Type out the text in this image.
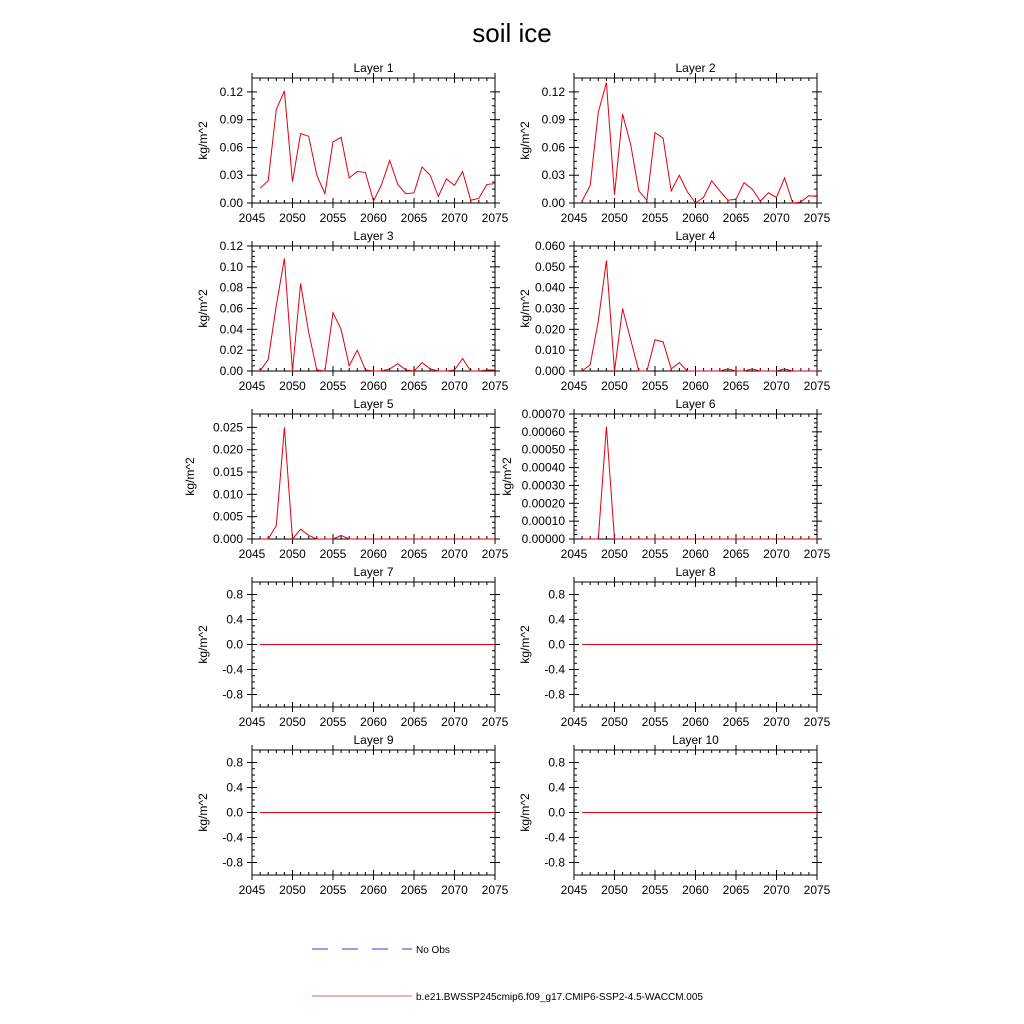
soil ice
Layer 1
2045 2050 2055 2060 2065 2070 2075
0.00
0.03
0.06
0.09
0.12
kg/m^2
Layer 2
2045 2050 2055 2060 2065 2070 2075
0.00
0.03
0.06
0.09
0.12
kg/m^2
Layer 3
2045 2050 2055 2060 2065 2070 2075
0.00
0.02
0.04
0.06
0.08
0.10
0.12
kg/m^2
Layer 4
2045 2050 2055 2060 2065 2070 2075
0.000
0.010
0.020
0.030
0.040
0.050
0.060
kg/m^2
Layer 5
2045 2050 2055 2060 2065 2070 2075
0.000
0.005
0.010
0.015
0.020
0.025
kg/m^2
Layer 6
2045 2050 2055 2060 2065 2070 2075
0.00000
0.00010
0.00020
0.00030
0.00040
0.00050
0.00060
0.00070
kg/m^2
Layer 7
2045 2050 2055 2060 2065 2070 2075
-0.8
-0.4
0.0
0.4
0.8
kg/m^2
Layer 8
2045 2050 2055 2060 2065 2070 2075
-0.8
-0.4
0.0
0.4
0.8
kg/m^2
Layer 9
2045 2050 2055 2060 2065 2070 2075
-0.8
-0.4
0.0
0.4
0.8
kg/m^2
Layer 10
2045 2050 2055 2060 2065 2070 2075
-0.8
-0.4
0.0
0.4
0.8
kg/m^2
No Obs
b.e21.BWSSP245cmip6.f09_g17.CMIP6-SSP2-4.5-WACCM.005
